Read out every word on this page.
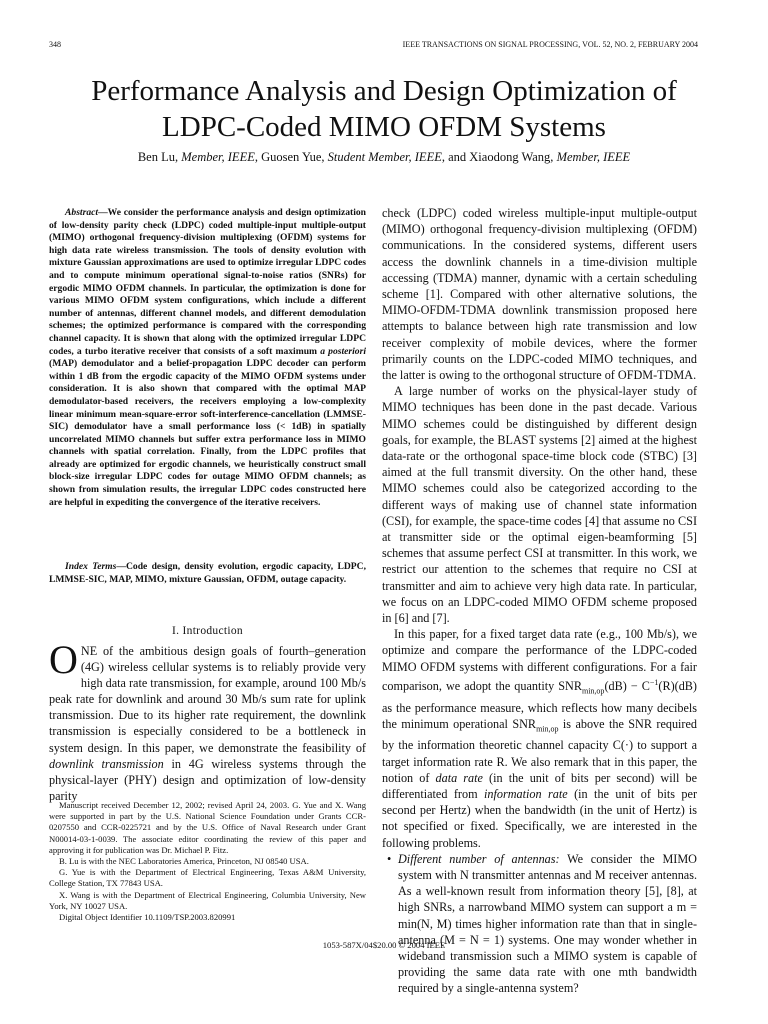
348	IEEE TRANSACTIONS ON SIGNAL PROCESSING, VOL. 52, NO. 2, FEBRUARY 2004
Performance Analysis and Design Optimization of
LDPC-Coded MIMO OFDM Systems
Ben Lu, Member, IEEE, Guosen Yue, Student Member, IEEE, and Xiaodong Wang, Member, IEEE
Abstract—We consider the performance analysis and design optimization of low-density parity check (LDPC) coded multiple-input multiple-output (MIMO) orthogonal frequency-division multiplexing (OFDM) systems for high data rate wireless transmission. The tools of density evolution with mixture Gaussian approximations are used to optimize irregular LDPC codes and to compute minimum operational signal-to-noise ratios (SNRs) for ergodic MIMO OFDM channels. In particular, the optimization is done for various MIMO OFDM system configurations, which include a different number of antennas, different channel models, and different demodulation schemes; the optimized performance is compared with the corresponding channel capacity. It is shown that along with the optimized irregular LDPC codes, a turbo iterative receiver that consists of a soft maximum a posteriori (MAP) demodulator and a belief-propagation LDPC decoder can perform within 1 dB from the ergodic capacity of the MIMO OFDM systems under consideration. It is also shown that compared with the optimal MAP demodulator-based receivers, the receivers employing a low-complexity linear minimum mean-square-error soft-interference-cancellation (LMMSE-SIC) demodulator have a small performance loss (< 1dB) in spatially uncorrelated MIMO channels but suffer extra performance loss in MIMO channels with spatial correlation. Finally, from the LDPC profiles that already are optimized for ergodic channels, we heuristically construct small block-size irregular LDPC codes for outage MIMO OFDM channels; as shown from simulation results, the irregular LDPC codes constructed here are helpful in expediting the convergence of the iterative receivers.
Index Terms—Code design, density evolution, ergodic capacity, LDPC, LMMSE-SIC, MAP, MIMO, mixture Gaussian, OFDM, outage capacity.
I. Introduction
ONE of the ambitious design goals of fourth–generation (4G) wireless cellular systems is to reliably provide very high data rate transmission, for example, around 100 Mb/s peak rate for downlink and around 30 Mb/s sum rate for uplink transmission. Due to its higher rate requirement, the downlink transmission is especially considered to be a bottleneck in system design. In this paper, we demonstrate the feasibility of downlink transmission in 4G wireless systems through the physical-layer (PHY) design and optimization of low-density parity

Manuscript received December 12, 2002; revised April 24, 2003. G. Yue and X. Wang were supported in part by the U.S. National Science Foundation under Grants CCR-0207550 and CCR-0225721 and by the U.S. Office of Naval Research under Grant N00014-03-1-0039. The associate editor coordinating the review of this paper and approving it for publication was Dr. Michael P. Fitz.

B. Lu is with the NEC Laboratories America, Princeton, NJ 08540 USA.

G. Yue is with the Department of Electrical Engineering, Texas A&M University, College Station, TX 77843 USA.

X. Wang is with the Department of Electrical Engineering, Columbia University, New York, NY 10027 USA.

Digital Object Identifier 10.1109/TSP.2003.820991

check (LDPC) coded wireless multiple-input multiple-output (MIMO) orthogonal frequency-division multiplexing (OFDM) communications. In the considered systems, different users access the downlink channels in a time-division multiple accessing (TDMA) manner, dynamic with a certain scheduling scheme [1]. Compared with other alternative solutions, the MIMO-OFDM-TDMA downlink transmission proposed here attempts to balance between high rate transmission and low receiver complexity of mobile devices, where the former primarily counts on the LDPC-coded MIMO techniques, and the latter is owing to the orthogonal structure of OFDM-TDMA.

A large number of works on the physical-layer study of MIMO techniques has been done in the past decade. Various MIMO schemes could be distinguished by different design goals, for example, the BLAST systems [2] aimed at the highest data-rate or the orthogonal space-time block code (STBC) [3] aimed at the full transmit diversity. On the other hand, these MIMO schemes could also be categorized according to the different ways of making use of channel state information (CSI), for example, the space-time codes [4] that assume no CSI at transmitter side or the optimal eigen-beamforming [5] schemes that assume perfect CSI at transmitter. In this work, we restrict our attention to the schemes that require no CSI at transmitter and aim to achieve very high data rate. In particular, we focus on an LDPC-coded MIMO OFDM scheme proposed in [6] and [7].

In this paper, for a fixed target data rate (e.g., 100 Mb/s), we optimize and compare the performance of the LDPC-coded MIMO OFDM systems with different configurations. For a fair comparison, we adopt the quantity $SNR_{min,op}(dB) - C^{-1}(R)(dB)$ as the performance measure, which reflects how many decibels the minimum operational $SNR_{min,op}$ is above the SNR required by the information theoretic channel capacity C(·) to support a target information rate R. We also remark that in this paper, the notion of data rate (in the unit of bits per second) will be differentiated from information rate (in the unit of bits per second per Hertz) when the bandwidth (in the unit of Hertz) is not specified or fixed. Specifically, we are interested in the following problems.

• Different number of antennas: We consider the MIMO system with N transmitter antennas and M receiver antennas. As a well-known result from information theory [5], [8], at high SNRs, a narrowband MIMO system can support a m = min(N, M) times higher information rate than that in single-antenna (M = N = 1) systems. One may wonder whether in wideband transmission such a MIMO system is capable of providing the same data rate with one mth bandwidth required by a single-antenna system?
1053-587X/04$20.00 © 2004 IEEE
